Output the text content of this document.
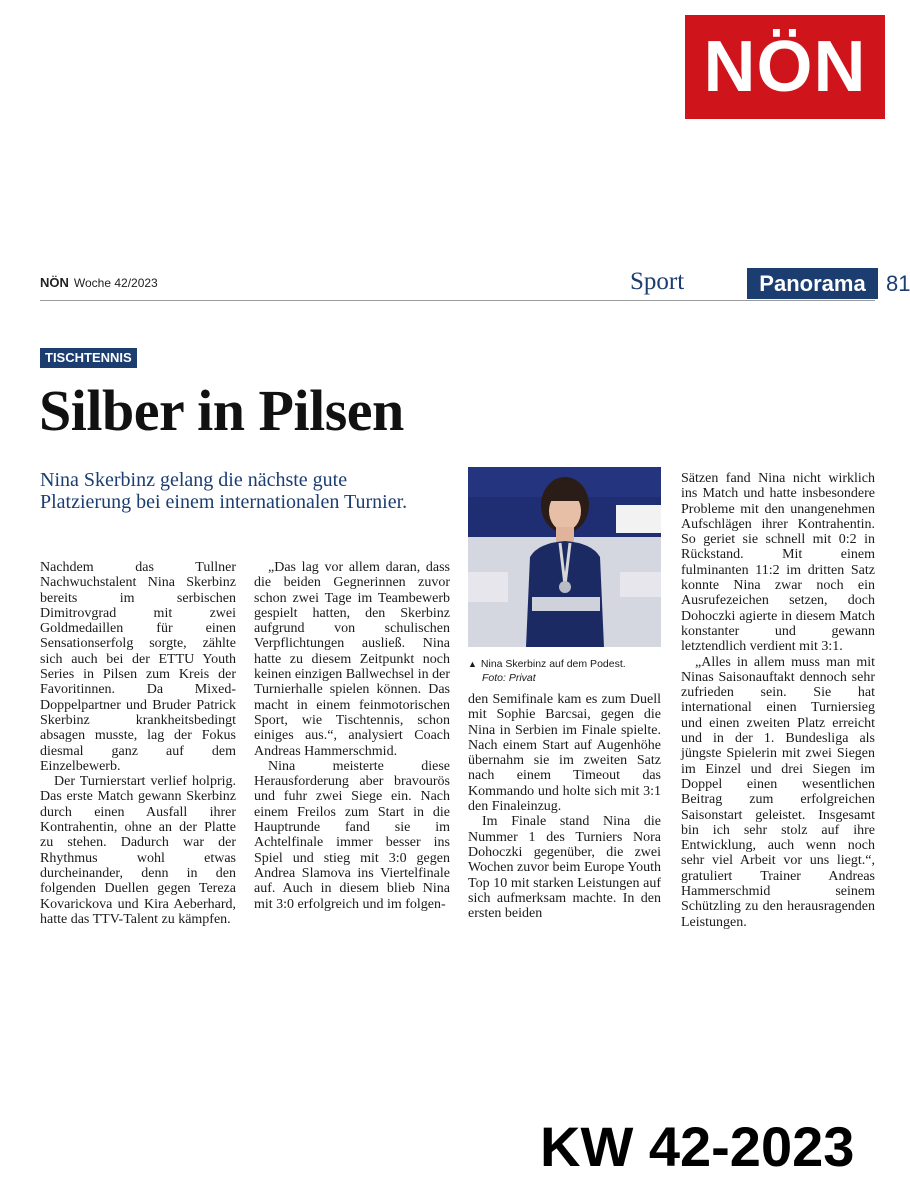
NÖN
NÖN Woche 42/2023	Sport	Panorama 81
TISCHTENNIS
Silber in Pilsen
Nina Skerbinz gelang die nächste gute Platzierung bei einem internationalen Turnier.

Nachdem das Tullner Nachwuchstalent Nina Skerbinz bereits im serbischen Dimitrovgrad mit zwei Goldmedaillen für einen Sensationserfolg sorgte, zählte sich auch bei der ETTU Youth Series in Pilsen zum Kreis der Favoritinnen. Da Mixed-Doppelpartner und Bruder Patrick Skerbinz krankheitsbedingt absagen musste, lag der Fokus diesmal ganz auf dem Einzelbewerb.

Der Turnierstart verlief holprig. Das erste Match gewann Skerbinz durch einen Ausfall ihrer Kontrahentin, ohne an der Platte zu stehen. Dadurch war der Rhythmus wohl etwas durcheinander, denn in den folgenden Duellen gegen Tereza Kovarickova und Kira Aeberhard, hatte das TTV-Talent zu kämpfen.

„Das lag vor allem daran, dass die beiden Gegnerinnen zuvor schon zwei Tage im Teambewerb gespielt hatten, den Skerbinz aufgrund von schulischen Verpflichtungen ausließ. Nina hatte zu diesem Zeitpunkt noch keinen einzigen Ballwechsel in der Turnierhalle spielen können. Das macht in einem feinmotorischen Sport, wie Tischtennis, schon einiges aus.“, analysiert Coach Andreas Hammerschmid.

Nina meisterte diese Herausforderung aber bravourös und fuhr zwei Siege ein. Nach einem Freilos zum Start in die Hauptrunde fand sie im Achtelfinale immer besser ins Spiel und stieg mit 3:0 gegen Andrea Slamova ins Viertelfinale auf. Auch in diesem blieb Nina mit 3:0 erfolgreich und im folgen-

▲ Nina Skerbinz auf dem Podest.
Foto: Privat

den Semifinale kam es zum Duell mit Sophie Barcsai, gegen die Nina in Serbien im Finale spielte. Nach einem Start auf Augenhöhe übernahm sie im zweiten Satz nach einem Timeout das Kommando und holte sich mit 3:1 den Finaleinzug.

Im Finale stand Nina die Nummer 1 des Turniers Nora Dohoczki gegenüber, die zwei Wochen zuvor beim Europe Youth Top 10 mit starken Leistungen auf sich aufmerksam machte. In den ersten beiden

Sätzen fand Nina nicht wirklich ins Match und hatte insbesondere Probleme mit den unangenehmen Aufschlägen ihrer Kontrahentin. So geriet sie schnell mit 0:2 in Rückstand. Mit einem fulminanten 11:2 im dritten Satz konnte Nina zwar noch ein Ausrufezeichen setzen, doch Dohoczki agierte in diesem Match konstanter und gewann letztendlich verdient mit 3:1.

„Alles in allem muss man mit Ninas Saisonauftakt dennoch sehr zufrieden sein. Sie hat international einen Turniersieg und einen zweiten Platz erreicht und in der 1. Bundesliga als jüngste Spielerin mit zwei Siegen im Einzel und drei Siegen im Doppel einen wesentlichen Beitrag zum erfolgreichen Saisonstart geleistet. Insgesamt bin ich sehr stolz auf ihre Entwicklung, auch wenn noch sehr viel Arbeit vor uns liegt.“, gratuliert Trainer Andreas Hammerschmid seinem Schützling zu den herausragenden Leistungen.

KW 42-2023
